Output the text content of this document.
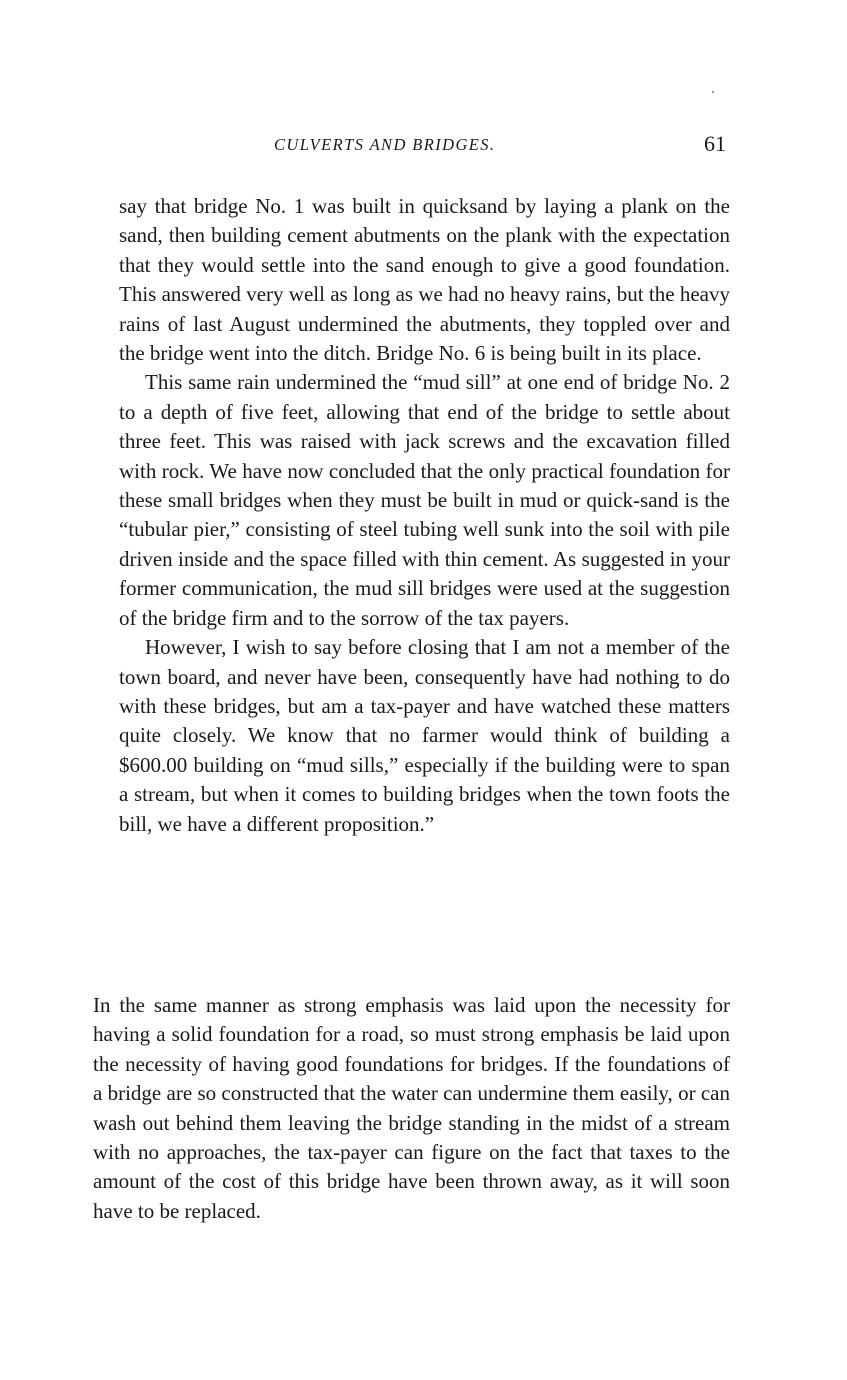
CULVERTS AND BRIDGES.	61

say that bridge No. 1 was built in quicksand by laying a plank on the sand, then building cement abutments on the plank with the expectation that they would settle into the sand enough to give a good foundation. This answered very well as long as we had no heavy rains, but the heavy rains of last August undermined the abutments, they toppled over and the bridge went into the ditch. Bridge No. 6 is being built in its place.

This same rain undermined the “mud sill” at one end of bridge No. 2 to a depth of five feet, allowing that end of the bridge to settle about three feet. This was raised with jack screws and the excavation filled with rock. We have now concluded that the only practical foundation for these small bridges when they must be built in mud or quick-sand is the “tubular pier,” consisting of steel tubing well sunk into the soil with pile driven inside and the space filled with thin cement. As suggested in your former communication, the mud sill bridges were used at the suggestion of the bridge firm and to the sorrow of the tax payers.

However, I wish to say before closing that I am not a member of the town board, and never have been, consequently have had nothing to do with these bridges, but am a tax-payer and have watched these matters quite closely. We know that no farmer would think of building a $600.00 building on “mud sills,” especially if the building were to span a stream, but when it comes to building bridges when the town foots the bill, we have a different proposition.”

In the same manner as strong emphasis was laid upon the necessity for having a solid foundation for a road, so must strong emphasis be laid upon the necessity of having good foundations for bridges. If the foundations of a bridge are so constructed that the water can undermine them easily, or can wash out behind them leaving the bridge standing in the midst of a stream with no approaches, the tax-payer can figure on the fact that taxes to the amount of the cost of this bridge have been thrown away, as it will soon have to be replaced.
